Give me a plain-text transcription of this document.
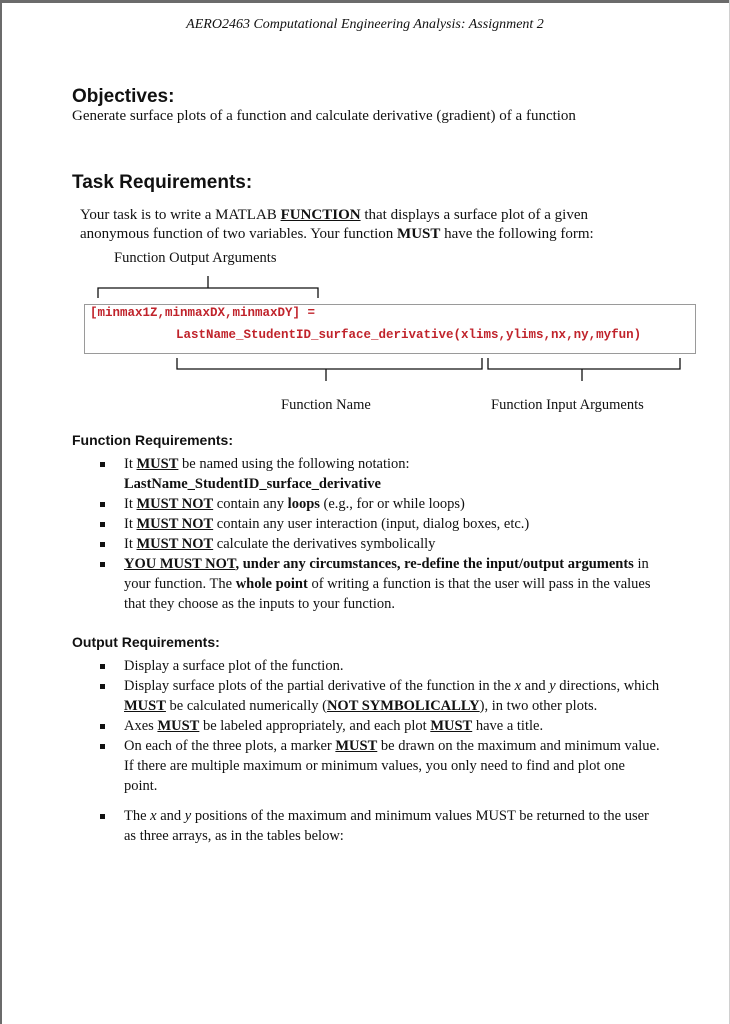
AERO2463 Computational Engineering Analysis: Assignment 2
Objectives:
Generate surface plots of a function and calculate derivative (gradient) of a function
Task Requirements:
Your task is to write a MATLAB FUNCTION that displays a surface plot of a given anonymous function of two variables. Your function MUST have the following form:
Function Output Arguments
[minmax1Z,minmaxDX,minmaxDY] =
LastName_StudentID_surface_derivative(xlims,ylims,nx,ny,myfun)
Function Name	Function Input Arguments
Function Requirements:
It MUST be named using the following notation:
LastName_StudentID_surface_derivative
It MUST NOT contain any loops (e.g., for or while loops)
It MUST NOT contain any user interaction (input, dialog boxes, etc.)
It MUST NOT calculate the derivatives symbolically
YOU MUST NOT, under any circumstances, re-define the input/output arguments in your function. The whole point of writing a function is that the user will pass in the values that they choose as the inputs to your function.
Output Requirements:
Display a surface plot of the function.
Display surface plots of the partial derivative of the function in the x and y directions, which MUST be calculated numerically (NOT SYMBOLICALLY), in two other plots.
Axes MUST be labeled appropriately, and each plot MUST have a title.
On each of the three plots, a marker MUST be drawn on the maximum and minimum value. If there are multiple maximum or minimum values, you only need to find and plot one point.
The x and y positions of the maximum and minimum values MUST be returned to the user as three arrays, as in the tables below:
